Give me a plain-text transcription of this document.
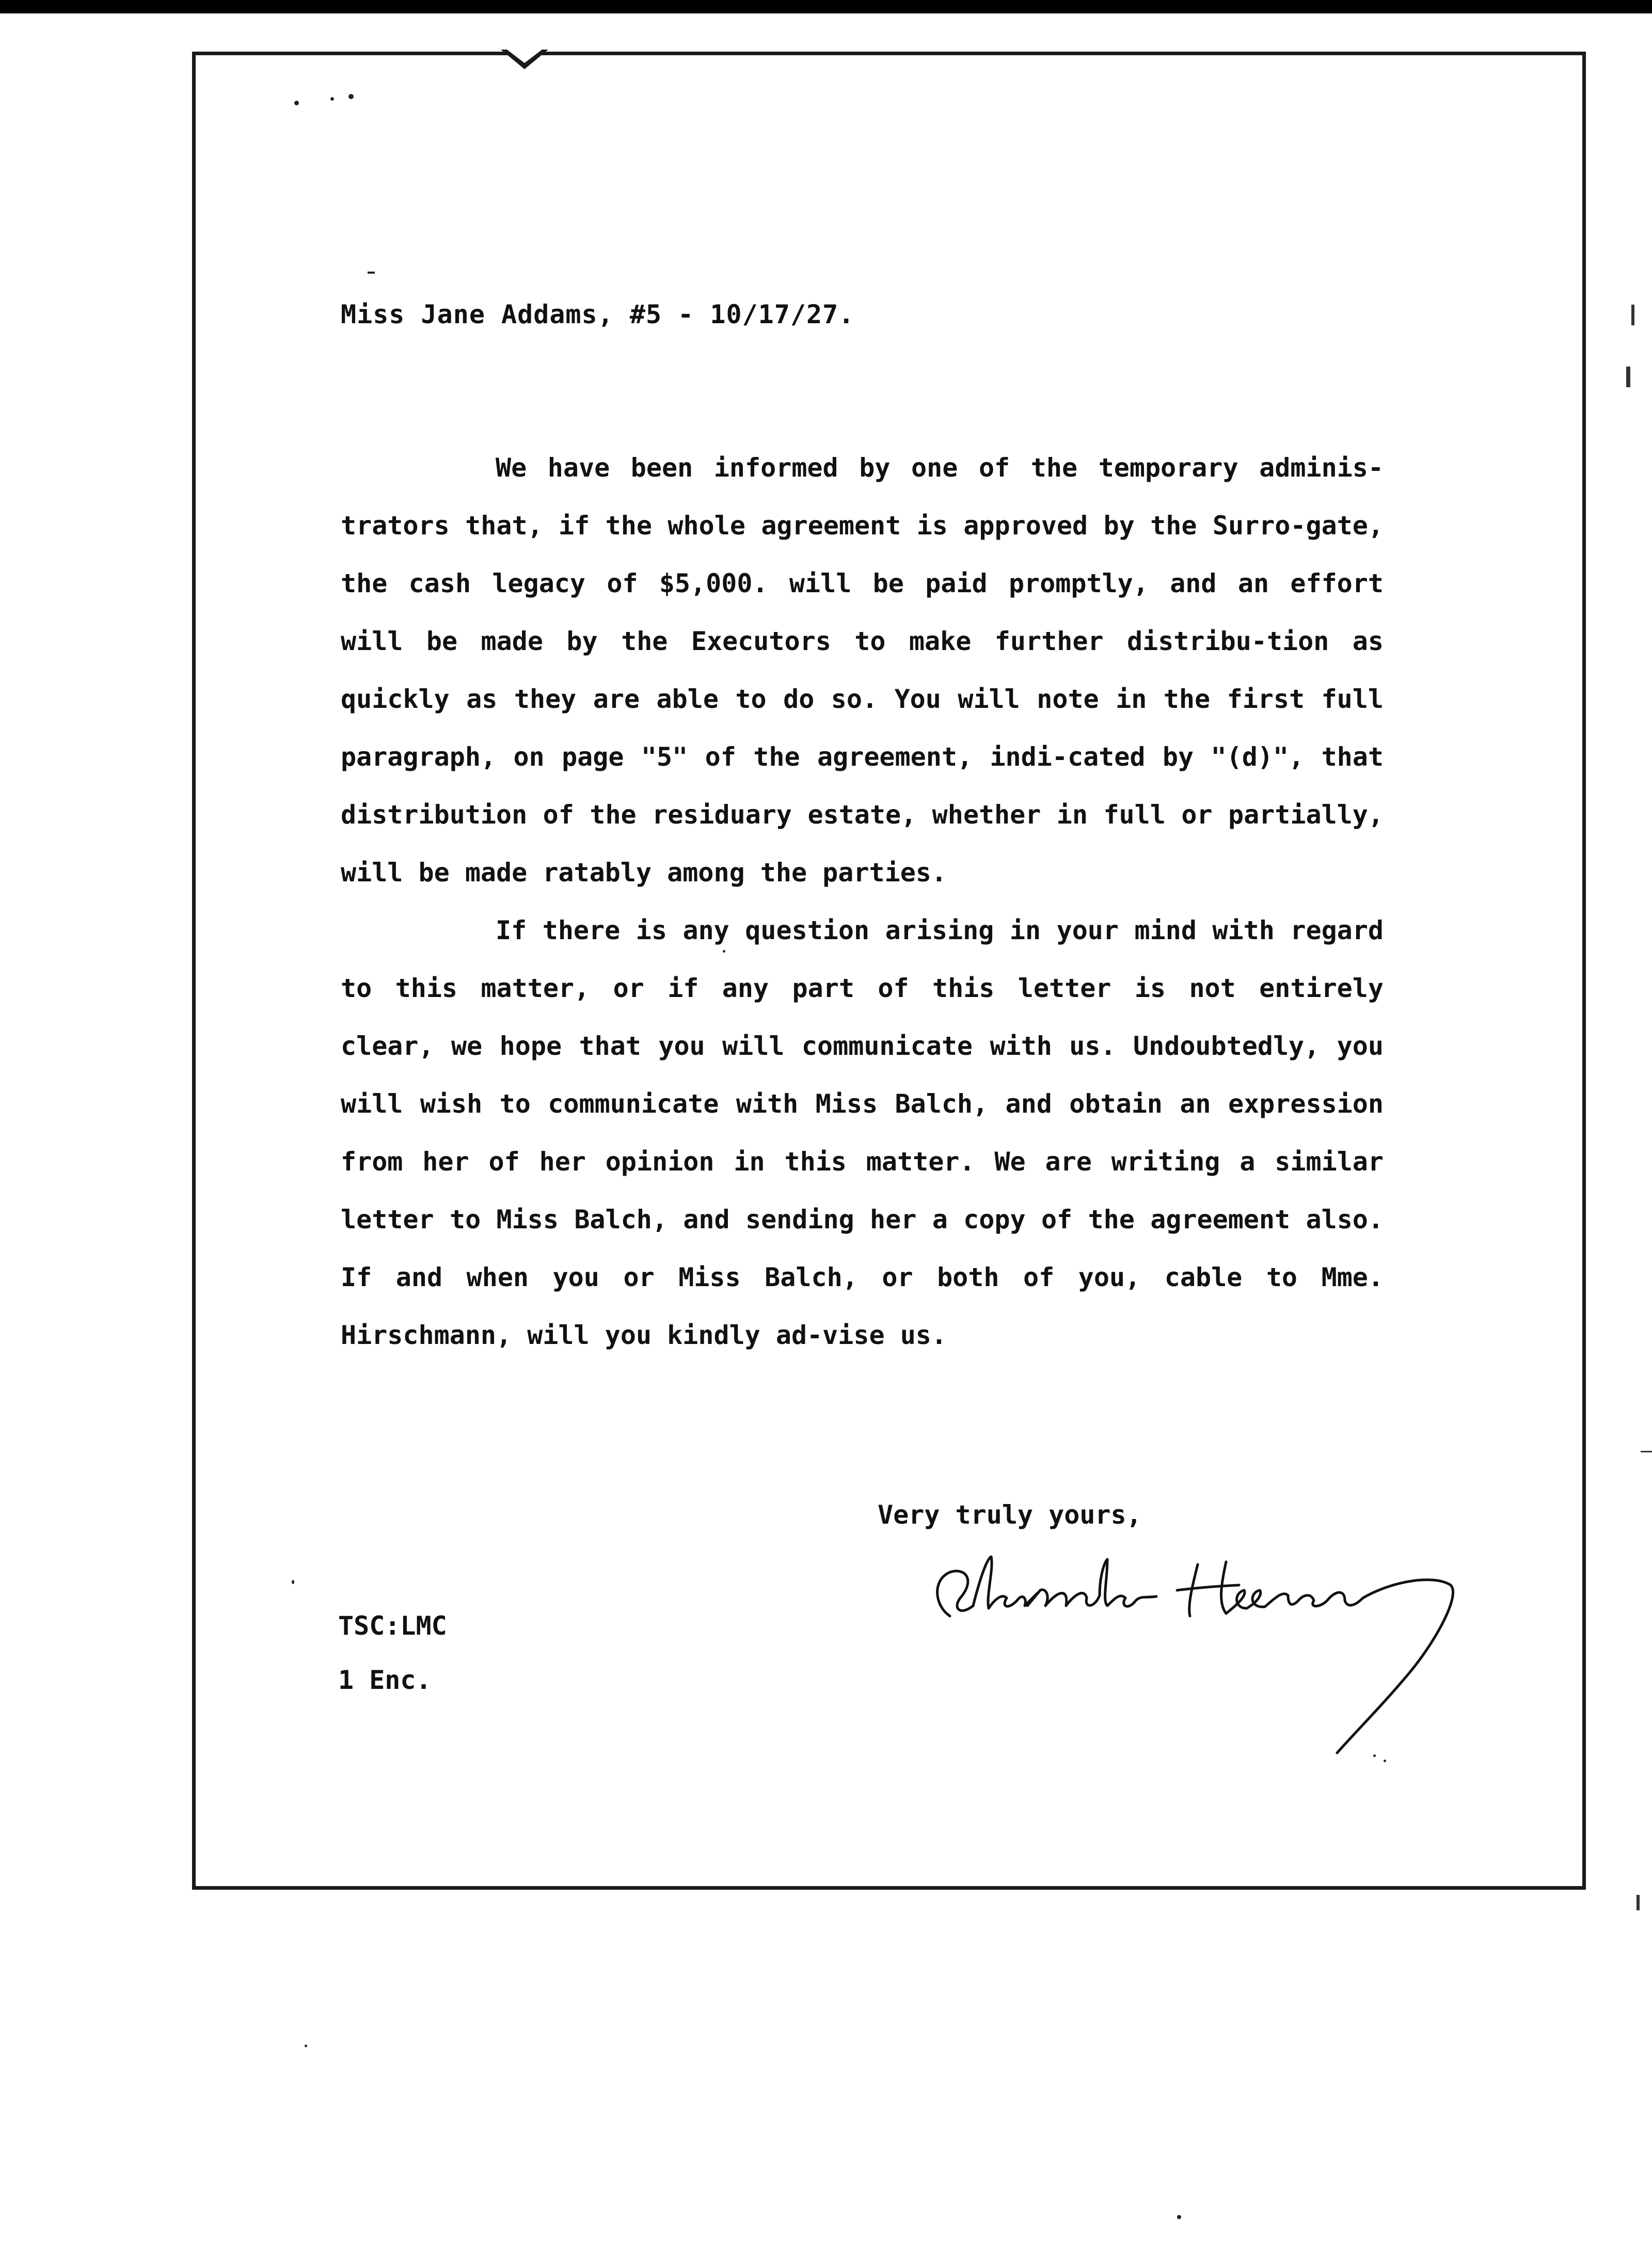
Miss Jane Addams, #5 - 10/17/27.

We have been informed by one of the temporary adminis-trators that, if the whole agreement is approved by the Surro-gate, the cash legacy of $5,000. will be paid promptly, and an effort will be made by the Executors to make further distribu-tion as quickly as they are able to do so. You will note in the first full paragraph, on page "5" of the agreement, indi-cated by "(d)", that distribution of the residuary estate, whether in full or partially, will be made ratably among the parties.

If there is any question arising in your mind with regard to this matter, or if any part of this letter is not entirely clear, we hope that you will communicate with us. Undoubtedly, you will wish to communicate with Miss Balch, and obtain an expression from her of her opinion in this matter. We are writing a similar letter to Miss Balch, and sending her a copy of the agreement also. If and when you or Miss Balch, or both of you, cable to Mme. Hirschmann, will you kindly ad-vise us.

Very truly yours,
TSC:LMC
1 Enc.
